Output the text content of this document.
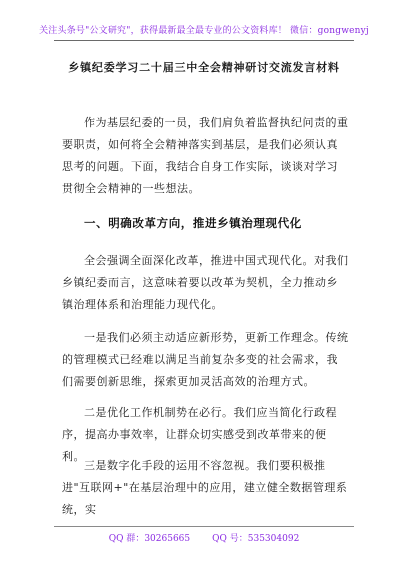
关注头条号"公文研究"，获得最新最全最专业的公文资料库！ 微信：gongwenyj
乡镇纪委学习二十届三中全会精神研讨交流发言材料
作为基层纪委的一员，我们肩负着监督执纪问责的重要职责，如何将全会精神落实到基层，是我们必须认真思考的问题。下面，我结合自身工作实际，谈谈对学习贯彻全会精神的一些想法。
一、明确改革方向，推进乡镇治理现代化
全会强调全面深化改革，推进中国式现代化。对我们乡镇纪委而言，这意味着要以改革为契机，全力推动乡镇治理体系和治理能力现代化。
一是我们必须主动适应新形势，更新工作理念。传统的管理模式已经难以满足当前复杂多变的社会需求，我们需要创新思维，探索更加灵活高效的治理方式。
二是优化工作机制势在必行。我们应当简化行政程序，提高办事效率，让群众切实感受到改革带来的便利。
三是数字化手段的运用不容忽视。我们要积极推进"互联网+"在基层治理中的应用，建立健全数据管理系统，实
QQ 群：30265665 QQ 号：535304092
